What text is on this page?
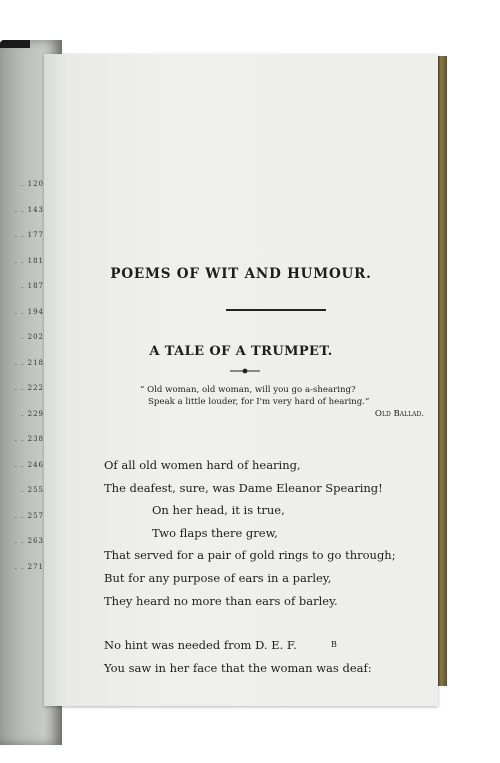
. 120
. . 143
. . 177
. . 181
. 187
. . 194
. 202
. . 218
. . 222
. 229
. . 238
. . 246
. 255
. . 257
. . 263
. . 271
POEMS OF WIT AND HUMOUR.
A TALE OF A TRUMPET.
“ Old woman, old woman, will you go a-shearing?
Speak a little louder, for I'm very hard of hearing.”
Old Ballad.
Of all old women hard of hearing,
The deafest, sure, was Dame Eleanor Spearing!
On her head, it is true,
Two flaps there grew,
That served for a pair of gold rings to go through;
But for any purpose of ears in a parley,
They heard no more than ears of barley.
No hint was needed from D. E. F.
You saw in her face that the woman was deaf:
B
